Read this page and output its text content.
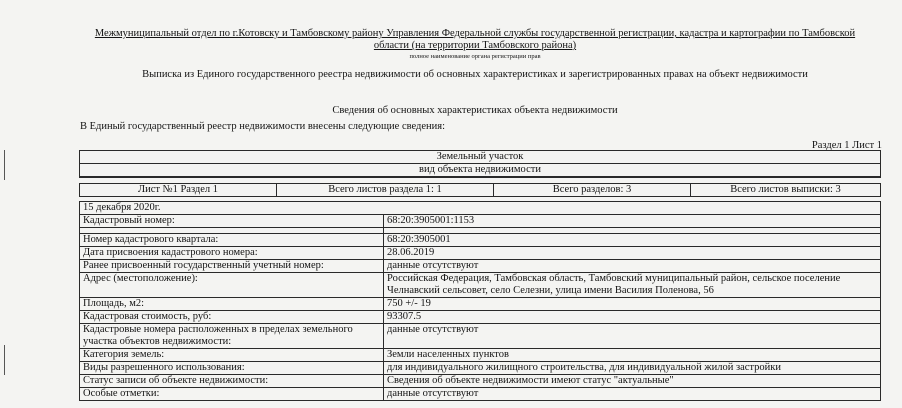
Межмуниципальный отдел по г.Котовску и Тамбовскому району Управления Федеральной службы государственной регистрации, кадастра и картографии по Тамбовской
области (на территории Тамбовского района)
полное наименование органа регистрации прав
Выписка из Единого государственного реестра недвижимости об основных характеристиках и зарегистрированных правах на объект недвижимости
Сведения об основных характеристиках объекта недвижимости
В Единый государственный реестр недвижимости внесены следующие сведения:
Раздел 1 Лист 1
Земельный участок
вид объекта недвижимости
Лист №1 Раздел 1	Всего листов раздела 1: 1	Всего разделов: 3	Всего листов выписки: 3
15 декабря 2020г.
Кадастровый номер:	68:20:3905001:1153

Номер кадастрового квартала:	68:20:3905001
Дата присвоения кадастрового номера:	28.06.2019
Ранее присвоенный государственный учетный номер:	данные отсутствуют
Адрес (местоположение):	Российская Федерация, Тамбовская область, Тамбовский муниципальный район, сельское поселение
Челнавский сельсовет, село Селезни, улица имени Василия Поленова, 56

Площадь, м2:	750 +/- 19
Кадастровая стоимость, руб:	93307.5
Кадастровые номера расположенных в пределах земельного участка объектов недвижимости:	данные отсутствуют
Категория земель:	Земли населенных пунктов
Виды разрешенного использования:	для индивидуального жилищного строительства, для индивидуальной жилой застройки
Статус записи об объекте недвижимости:	Сведения об объекте недвижимости имеют статус "актуальные"
Особые отметки:	данные отсутствуют
